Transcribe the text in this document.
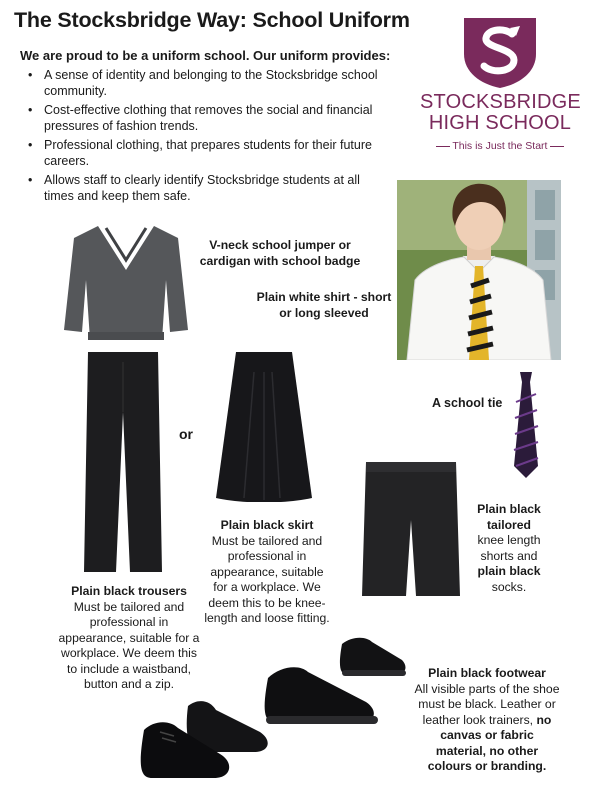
The Stocksbridge Way: School Uniform
We are proud to be a uniform school. Our uniform provides:
• A sense of identity and belonging to the Stocksbridge school community.
• Cost-effective clothing that removes the social and financial pressures of fashion trends.
• Professional clothing, that prepares students for their future careers.
• Allows staff to clearly identify Stocksbridge students at all times and keep them safe.
STOCKSBRIDGE
HIGH SCHOOL
This is Just the Start
V-neck school jumper or cardigan with school badge
Plain white shirt - short or long sleeved
or
Plain black skirt
Must be tailored and professional in appearance, suitable for a workplace. We deem this to be knee-length and loose fitting.
Plain black trousers
Must be tailored and professional in appearance, suitable for a workplace. We deem this to include a waistband, button and a zip.
A school tie
Plain black
tailored
knee length shorts and
plain black
socks.
Plain black footwear
All visible parts of the shoe must be black. Leather or leather look trainers, no canvas or fabric material, no other colours or branding.
